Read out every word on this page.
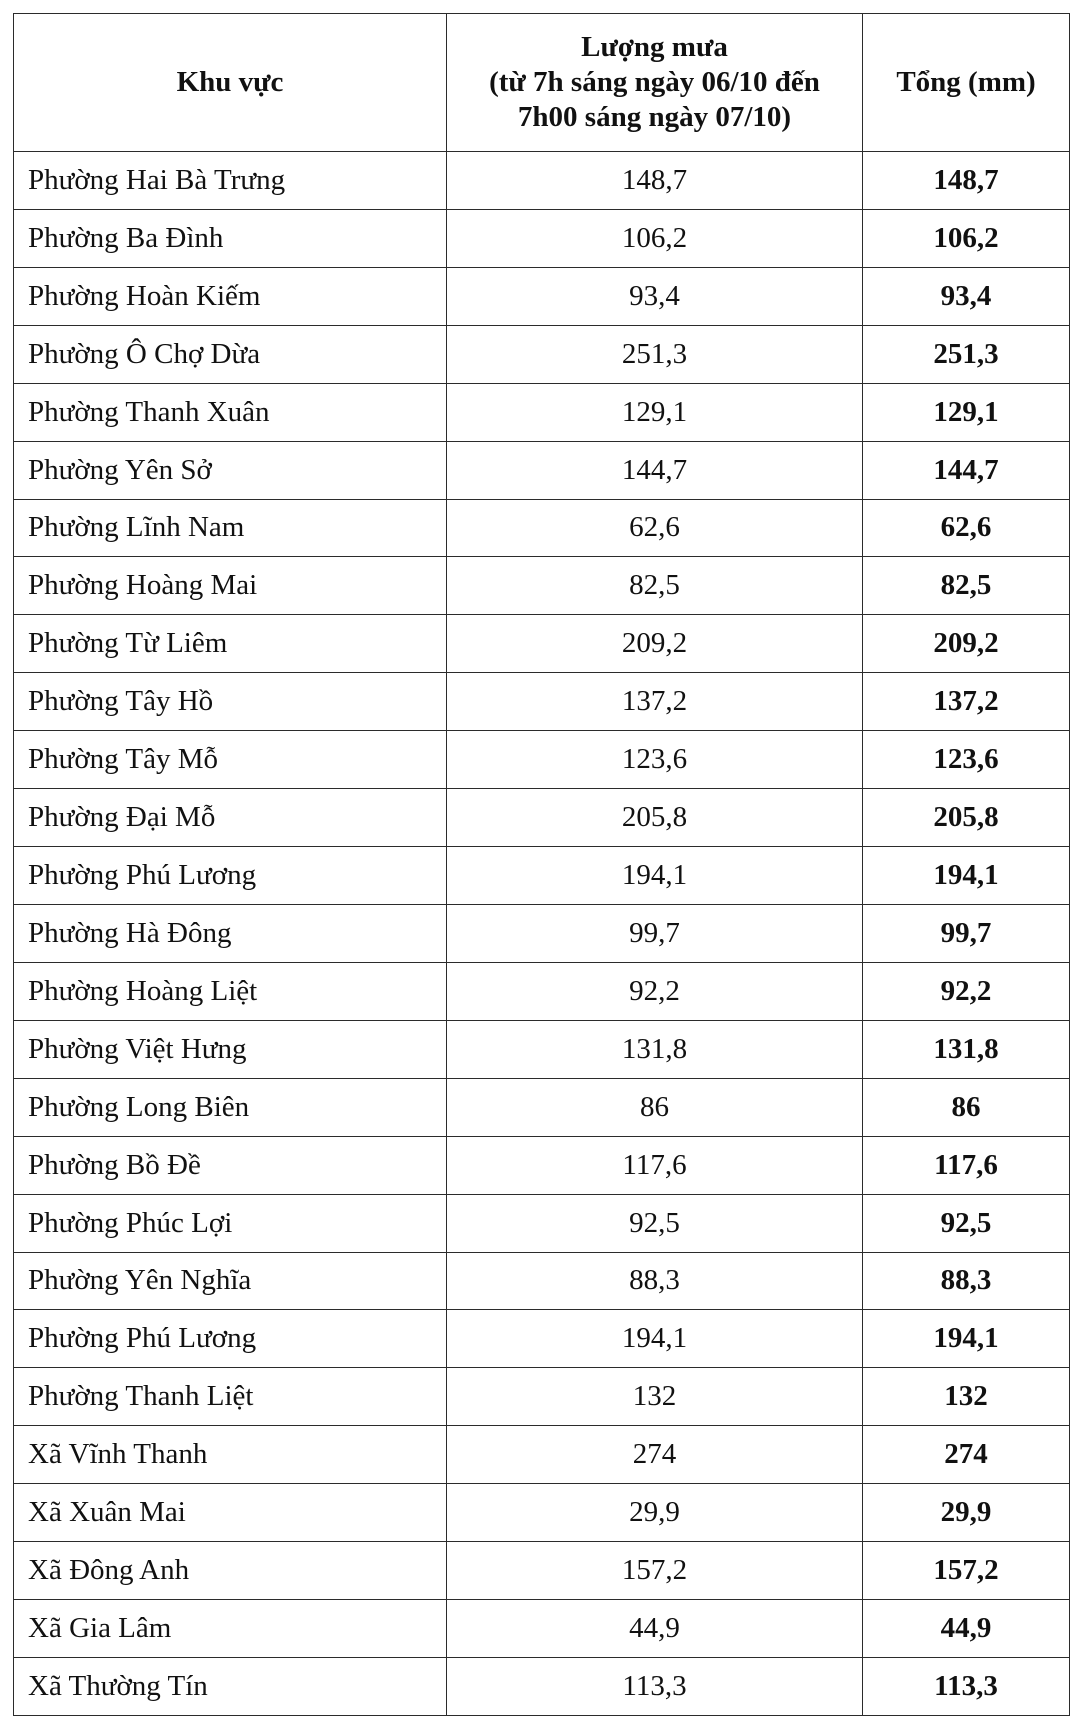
Khu vực	Lượng mưa
(từ 7h sáng ngày 06/10 đến
7h00 sáng ngày 07/10)	Tổng (mm)
Phường Hai Bà Trưng	148,7	148,7
Phường Ba Đình	106,2	106,2
Phường Hoàn Kiếm	93,4	93,4
Phường Ô Chợ Dừa	251,3	251,3
Phường Thanh Xuân	129,1	129,1
Phường Yên Sở	144,7	144,7
Phường Lĩnh Nam	62,6	62,6
Phường Hoàng Mai	82,5	82,5
Phường Từ Liêm	209,2	209,2
Phường Tây Hồ	137,2	137,2
Phường Tây Mỗ	123,6	123,6
Phường Đại Mỗ	205,8	205,8
Phường Phú Lương	194,1	194,1
Phường Hà Đông	99,7	99,7
Phường Hoàng Liệt	92,2	92,2
Phường Việt Hưng	131,8	131,8
Phường Long Biên	86	86
Phường Bồ Đề	117,6	117,6
Phường Phúc Lợi	92,5	92,5
Phường Yên Nghĩa	88,3	88,3
Phường Phú Lương	194,1	194,1
Phường Thanh Liệt	132	132
Xã Vĩnh Thanh	274	274
Xã Xuân Mai	29,9	29,9
Xã Đông Anh	157,2	157,2
Xã Gia Lâm	44,9	44,9
Xã Thường Tín	113,3	113,3
